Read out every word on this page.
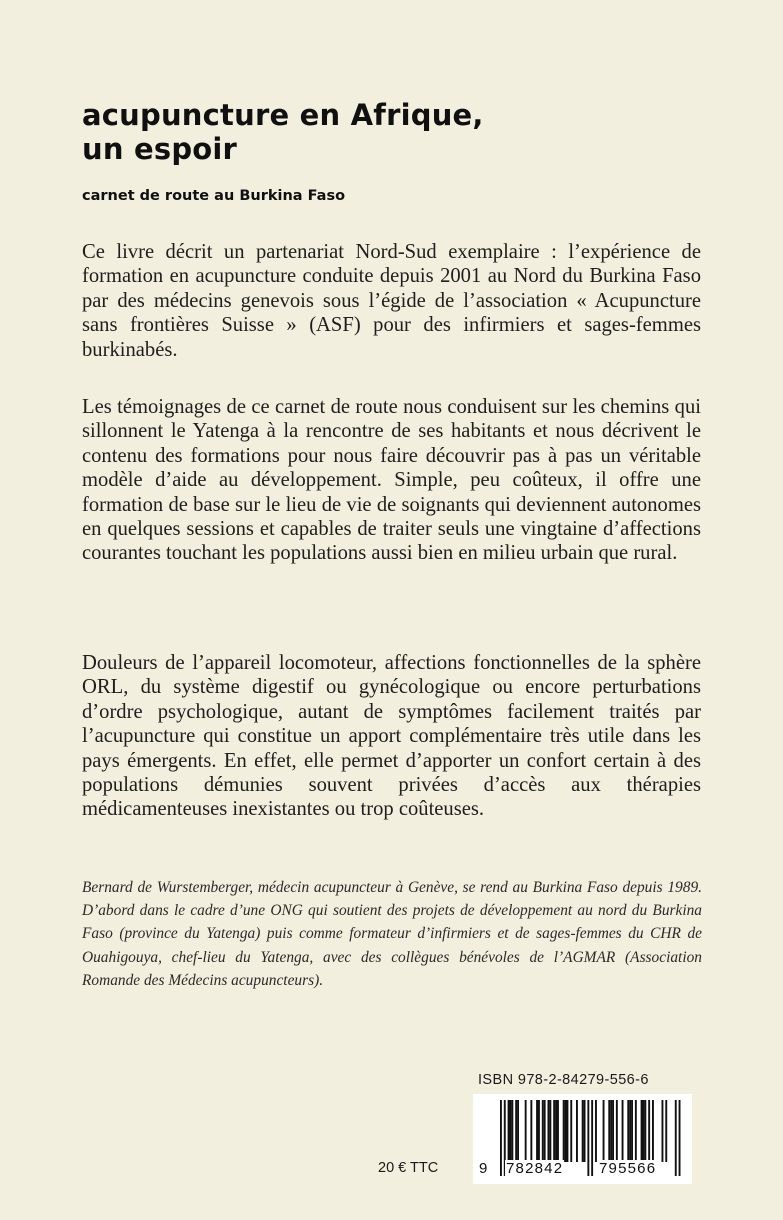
acupuncture en Afrique,
un espoir
carnet de route au Burkina Faso

Ce livre décrit un partenariat Nord-Sud exemplaire : l’expérience de formation en acupuncture conduite depuis 2001 au Nord du Burkina Faso par des médecins genevois sous l’égide de l’association « Acupuncture sans frontières Suisse » (ASF) pour des infirmiers et sages-femmes burkinabés.

Les témoignages de ce carnet de route nous conduisent sur les chemins qui sillonnent le Yatenga à la rencontre de ses habitants et nous décrivent le contenu des formations pour nous faire découvrir pas à pas un véritable modèle d’aide au développement. Simple, peu coûteux, il offre une formation de base sur le lieu de vie de soignants qui deviennent autonomes en quelques sessions et capables de traiter seuls une vingtaine d’affections courantes touchant les populations aussi bien en milieu urbain que rural.

Douleurs de l’appareil locomoteur, affections fonctionnelles de la sphère ORL, du système digestif ou gynécologique ou encore perturbations d’ordre psychologique, autant de symptômes facilement traités par l’acupuncture qui constitue un apport complémentaire très utile dans les pays émergents. En effet, elle permet d’apporter un confort certain à des populations démunies souvent privées d’accès aux thérapies médicamenteuses inexistantes ou trop coûteuses.

Bernard de Wurstemberger, médecin acupuncteur à Genève, se rend au Burkina Faso depuis 1989. D’abord dans le cadre d’une ONG qui soutient des projets de développement au nord du Burkina Faso (province du Yatenga) puis comme formateur d’infirmiers et de sages-femmes du CHR de Ouahigouya, chef-lieu du Yatenga, avec des collègues bénévoles de l’AGMAR (Association Romande des Médecins acupuncteurs).

ISBN 978-2-84279-556-6
20 € TTC	9 782842 795566
